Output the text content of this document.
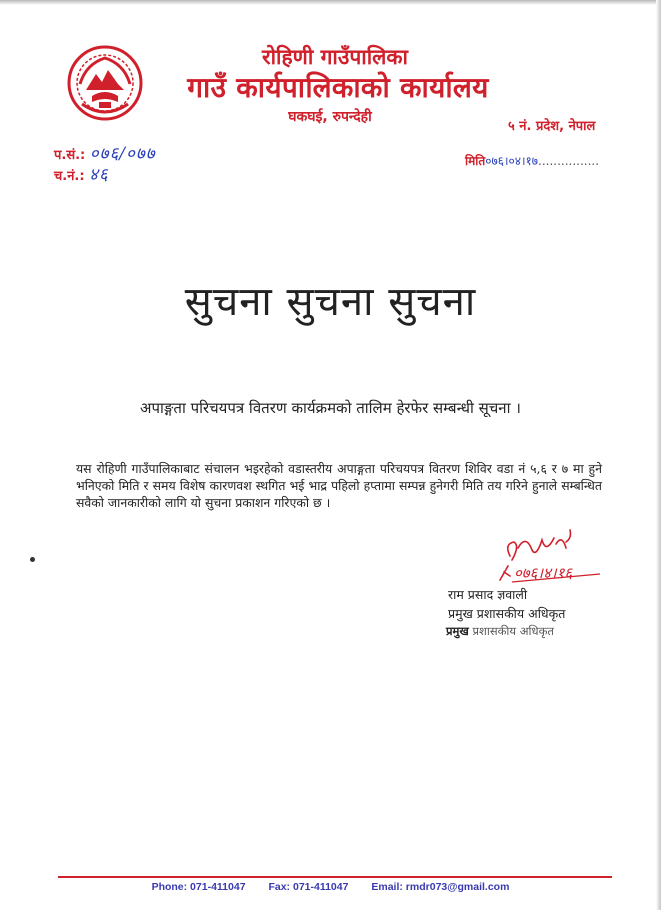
रोहिणी गाउँपालिका
गाउँ कार्यपालिकाको कार्यालय
घकघई, रुपन्देही
५ नं. प्रदेश, नेपाल
प.सं.: ०७६/०७७
च.नं.: ४६
मिति०७६।०४।१७................
सुचना सुचना सुचना
अपाङ्गता परिचयपत्र वितरण कार्यक्रमको तालिम हेरफेर सम्बन्धी सूचना ।
यस रोहिणी गाउँपालिकाबाट संचालन भइरहेको वडास्तरीय अपाङ्गता परिचयपत्र वितरण शिविर वडा नं ५,६ र ७ मा हुने भनिएको मिति र समय विशेष कारणवश स्थगित भई भाद्र पहिलो हप्तामा सम्पन्न हुनेगरी मिति तय गरिने हुनाले सम्बन्धित सवैको जानकारीको लागि यो सुचना प्रकाशन गरिएको छ ।
०७६।४।१६
राम प्रसाद ज्ञवाली
प्रमुख प्रशासकीय अधिकृत
प्रमुख प्रशासकीय अधिकृत
Phone: 071-411047 Fax: 071-411047 Email: rmdr073@gmail.com
